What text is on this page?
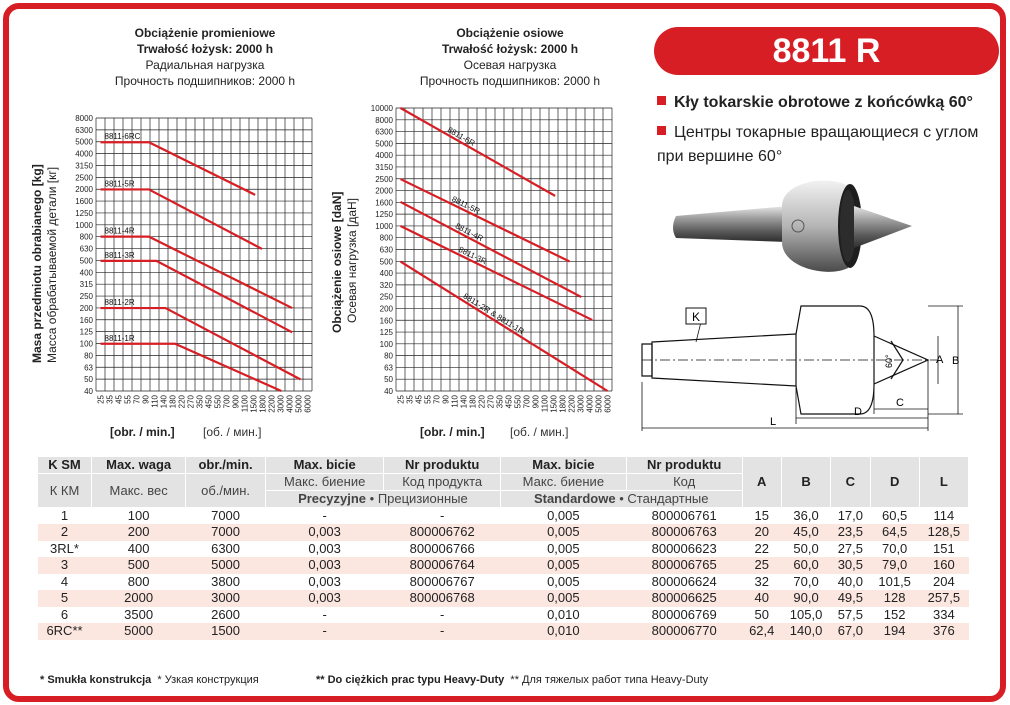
Obciążenie promieniowe
Trwałość łożysk: 2000 h
Радиальная нагрузка
Прочность подшипников: 2000 h
Obciążenie osiowe
Trwałość łożysk: 2000 h
Осевая нагрузка
Прочность подшипников: 2000 h
8000
6300
5000
4000
3150
2500
2000
1600
1250
1000
800
630
500
400
315
250
200
160
125
100
80
63
50
40
25 35 45 55 70 90 110 140 180 220 270 350 450 550 700 900 1100 1500 1800 2200 3000 4000 5000 6000
8811-6RC
8811-5R
8811-4R
8811-3R
8811-2R
8811-1R
Masa przedmiotu obrabianego [kg] Масса обрабатываемой детали [кг]
[obr. / min.] [об. / мин.]
10000
8000
6300
5000
4000
3150
2500
2000
1600
1250
1000
800
630
500
400
320
250
200
160
125
100
80
63
50
40
25 35 45 55 70 90 110 140 180 220 270 350 450 550 700 900 1100 1500 1800 2200 3000 4000 5000 6000
8811-6R
8811-5R
8811-4R
8811-3R
8811-2R & 8811-1R
Obciążenie osiowe [daN] Осевая нагрузка [даН]
[obr. / min.] [об. / мин.]
8811 R
Kły tokarskie obrotowe z końcówką 60°
Центры токарные вращающиеся с углом при вершине 60°
K
A B
L
D
C
60°
K SM	Max. waga	obr./min.	Max. bicie	Nr produktu	Max. bicie	Nr produktu	A	B	C	D	L
К КМ	Макс. вес	об./мин.	Макс. биение	Код продукта	Макс. биение	Код					
			Precyzyjne • Прецизионные		Standardowe • Стандартные						
1	100	7000	-	-	0,005	800006761	15	36,0	17,0	60,5	114
2	200	7000	0,003	800006762	0,005	800006763	20	45,0	23,5	64,5	128,5
3RL*	400	6300	0,003	800006766	0,005	800006623	22	50,0	27,5	70,0	151
3	500	5000	0,003	800006764	0,005	800006765	25	60,0	30,5	79,0	160
4	800	3800	0,003	800006767	0,005	800006624	32	70,0	40,0	101,5	204
5	2000	3000	0,003	800006768	0,005	800006625	40	90,0	49,5	128	257,5
6	3500	2600	-	-	0,010	800006769	50	105,0	57,5	152	334
6RC**	5000	1500	-	-	0,010	800006770	62,4	140,0	67,0	194	376
* Smukła konstrukcja * Узкая конструкция	** Do ciężkich prac typu Heavy-Duty ** Для тяжелых работ типа Heavy-Duty
